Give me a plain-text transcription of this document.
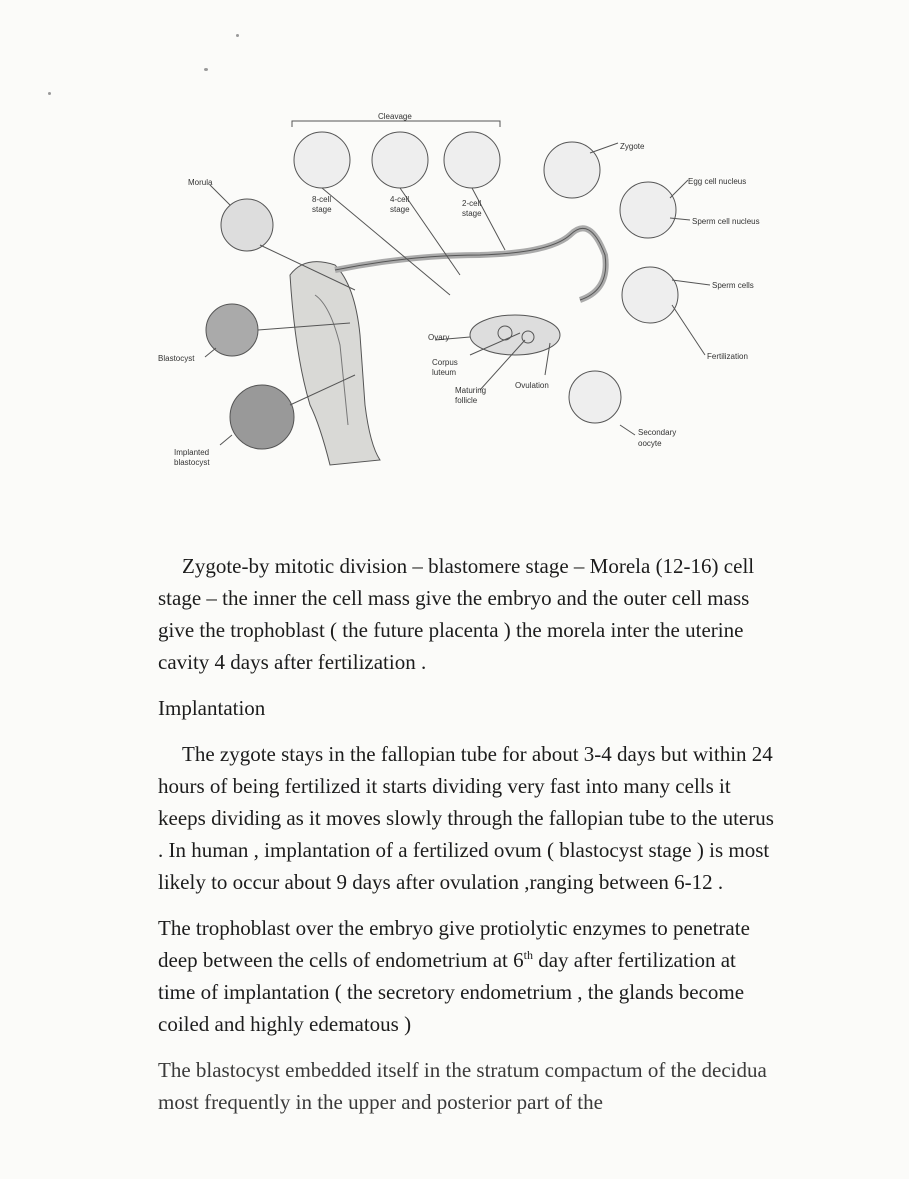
Cleavage
Zygote
Egg cell nucleus
Sperm cell nucleus
Sperm cells
Fertilization
Morula
8-cell
stage
4-cell
stage
2-cell
stage
Blastocyst
Ovary
Corpus
luteum
Maturing
follicle
Ovulation
Secondary
oocyte
Implanted
blastocyst

Zygote-by mitotic division – blastomere stage – Morela (12-16) cell stage – the inner the cell mass give the embryo and the outer cell mass give the trophoblast ( the future placenta ) the morela inter the uterine cavity 4 days after fertilization .

Implantation

The zygote stays in the fallopian tube for about 3-4 days but within 24 hours of being fertilized it starts dividing very fast into many cells it keeps dividing as it moves slowly through the fallopian tube to the uterus . In human , implantation of a fertilized ovum ( blastocyst stage ) is most likely to occur about 9 days after ovulation ,ranging between 6-12 .

The trophoblast over the embryo give protiolytic enzymes to penetrate deep between the cells of endometrium at 6th day after fertilization at time of implantation ( the secretory endometrium , the glands become coiled and highly edematous )

The blastocyst embedded itself in the stratum compactum of the decidua most frequently in the upper and posterior part of the
